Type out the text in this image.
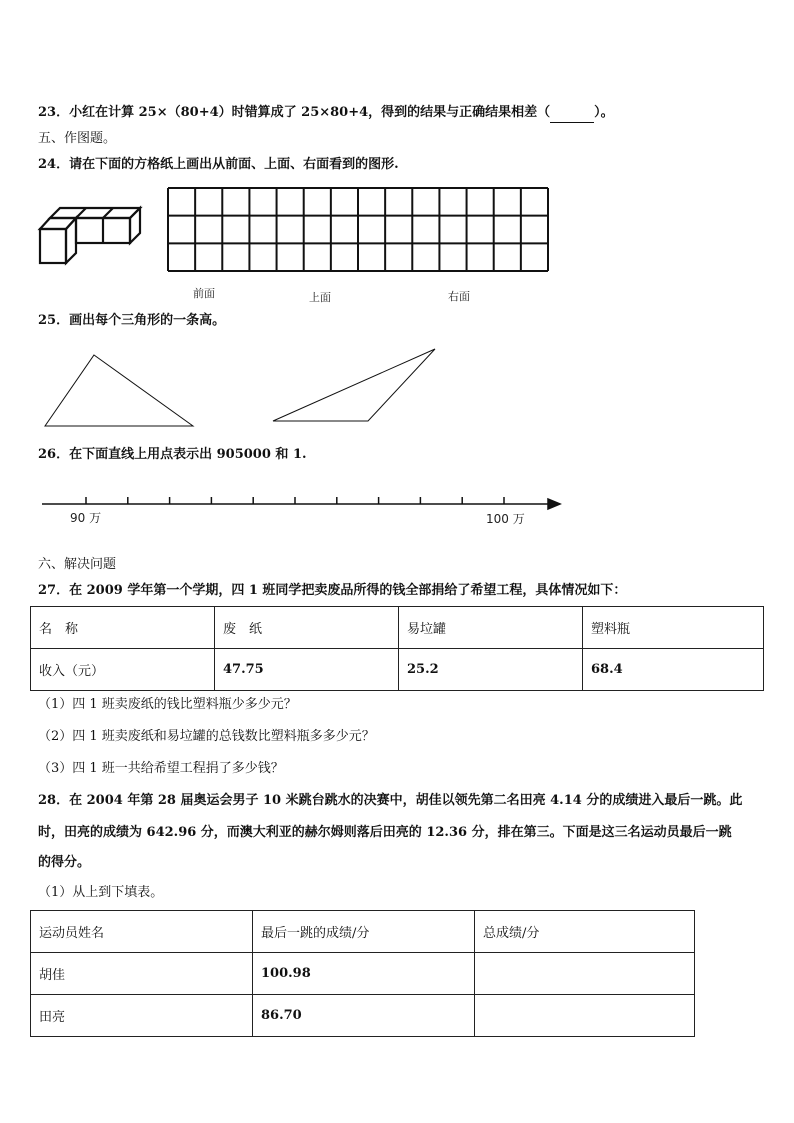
23．小红在计算 25×（80+4）时错算成了 25×80+4，得到的结果与正确结果相差（	）。
五、作图题。
24．请在下面的方格纸上画出从前面、上面、右面看到的图形.
前面	上面	右面
25．画出每个三角形的一条高。
26．在下面直线上用点表示出 905000 和 1.
90 万	100 万
六、解决问题
27．在 2009 学年第一个学期，四 1 班同学把卖废品所得的钱全部捐给了希望工程，具体情况如下：
名　称	废　纸	易垃罐	塑料瓶
收入（元）	47.75	25.2	68.4
（1）四 1 班卖废纸的钱比塑料瓶少多少元？
（2）四 1 班卖废纸和易垃罐的总钱数比塑料瓶多多少元？
（3）四 1 班一共给希望工程捐了多少钱？
28．在 2004 年第 28 届奥运会男子 10 米跳台跳水的决赛中，胡佳以领先第二名田亮 4.14 分的成绩进入最后一跳。此
时，田亮的成绩为 642.96 分，而澳大利亚的赫尔姆则落后田亮的 12.36 分，排在第三。下面是这三名运动员最后一跳
的得分。
（1）从上到下填表。
运动员姓名	最后一跳的成绩/分	总成绩/分
胡佳	100.98	
田亮	86.70	
